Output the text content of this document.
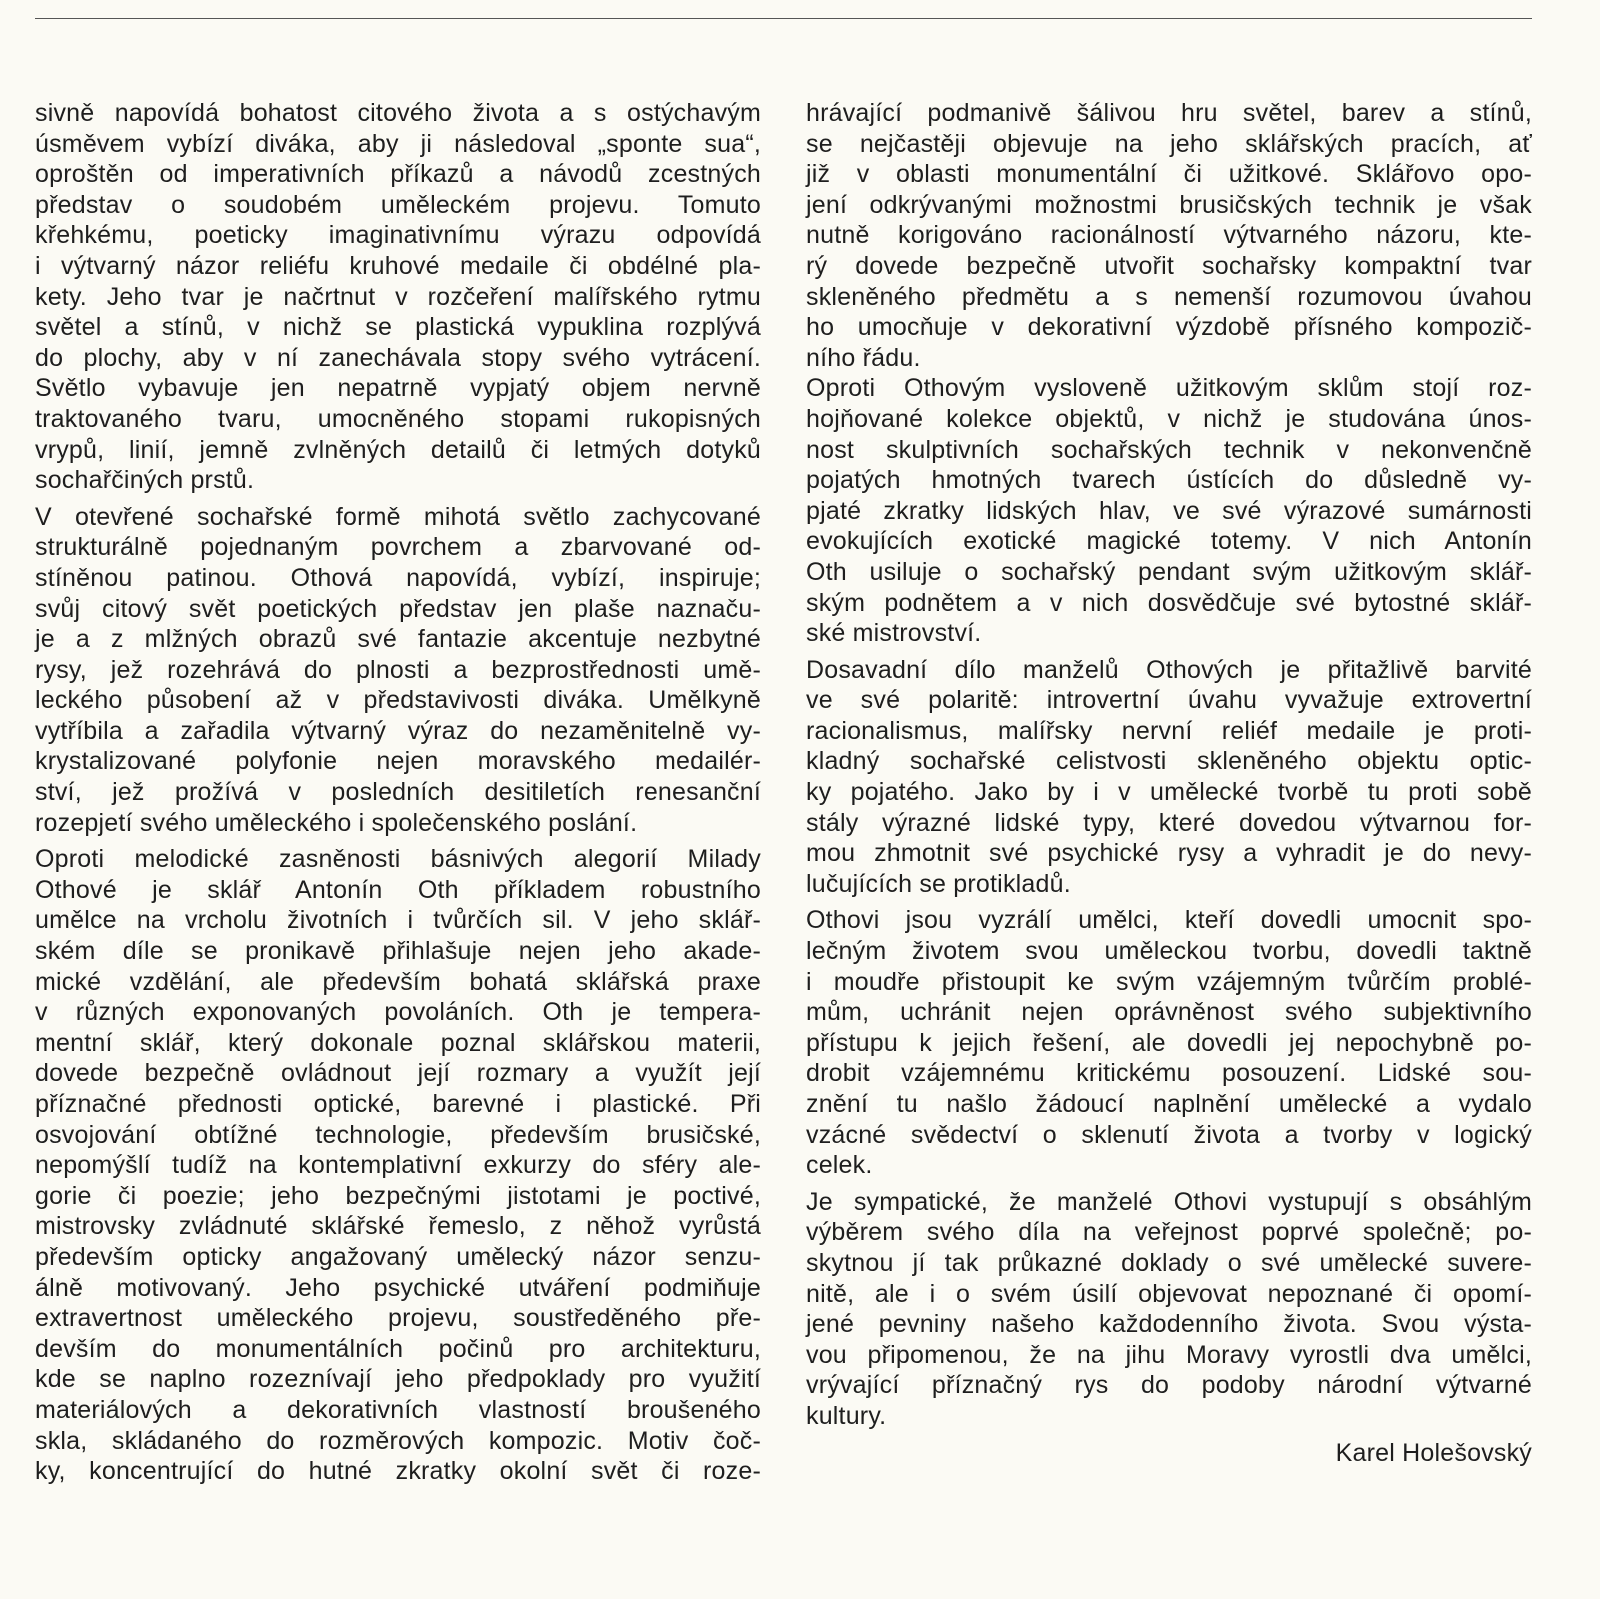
sivně napovídá bohatost citového života a s ostýchavým
úsměvem vybízí diváka, aby ji následoval „sponte sua“,
oproštěn od imperativních příkazů a návodů zcestných
představ o soudobém uměleckém projevu. Tomuto
křehkému, poeticky imaginativnímu výrazu odpovídá
i výtvarný názor reliéfu kruhové medaile či obdélné pla-
kety. Jeho tvar je načrtnut v rozčeření malířského rytmu
světel a stínů, v nichž se plastická vypuklina rozplývá
do plochy, aby v ní zanechávala stopy svého vytrácení.
Světlo vybavuje jen nepatrně vypjatý objem nervně
traktovaného tvaru, umocněného stopami rukopisných
vrypů, linií, jemně zvlněných detailů či letmých dotyků
sochařčiných prstů.
V otevřené sochařské formě mihotá světlo zachycované
strukturálně pojednaným povrchem a zbarvované od-
stíněnou patinou. Othová napovídá, vybízí, inspiruje;
svůj citový svět poetických představ jen plaše naznaču-
je a z mlžných obrazů své fantazie akcentuje nezbytné
rysy, jež rozehrává do plnosti a bezprostřednosti umě-
leckého působení až v představivosti diváka. Umělkyně
vytříbila a zařadila výtvarný výraz do nezaměnitelně vy-
krystalizované polyfonie nejen moravského medailér-
ství, jež prožívá v posledních desitiletích renesanční
rozepjetí svého uměleckého i společenského poslání.
Oproti melodické zasněnosti básnivých alegorií Milady
Othové je sklář Antonín Oth příkladem robustního
umělce na vrcholu životních i tvůrčích sil. V jeho sklář-
ském díle se pronikavě přihlašuje nejen jeho akade-
mické vzdělání, ale především bohatá sklářská praxe
v různých exponovaných povoláních. Oth je tempera-
mentní sklář, který dokonale poznal sklářskou materii,
dovede bezpečně ovládnout její rozmary a využít její
příznačné přednosti optické, barevné i plastické. Při
osvojování obtížné technologie, především brusičské,
nepomýšlí tudíž na kontemplativní exkurzy do sféry ale-
gorie či poezie; jeho bezpečnými jistotami je poctivé,
mistrovsky zvládnuté sklářské řemeslo, z něhož vyrůstá
především opticky angažovaný umělecký názor senzu-
álně motivovaný. Jeho psychické utváření podmiňuje
extravertnost uměleckého projevu, soustředěného pře-
devším do monumentálních počinů pro architekturu,
kde se naplno rozeznívají jeho předpoklady pro využití
materiálových a dekorativních vlastností broušeného
skla, skládaného do rozměrových kompozic. Motiv čoč-
ky, koncentrující do hutné zkratky okolní svět či roze-
hrávající podmanivě šálivou hru světel, barev a stínů,
se nejčastěji objevuje na jeho sklářských pracích, ať
již v oblasti monumentální či užitkové. Sklářovo opo-
jení odkrývanými možnostmi brusičských technik je však
nutně korigováno racionálností výtvarného názoru, kte-
rý dovede bezpečně utvořit sochařsky kompaktní tvar
skleněného předmětu a s nemenší rozumovou úvahou
ho umocňuje v dekorativní výzdobě přísného kompozič-
ního řádu.
Oproti Othovým vysloveně užitkovým sklům stojí roz-
hojňované kolekce objektů, v nichž je studována únos-
nost skulptivních sochařských technik v nekonvenčně
pojatých hmotných tvarech ústících do důsledně vy-
pjaté zkratky lidských hlav, ve své výrazové sumárnosti
evokujících exotické magické totemy. V nich Antonín
Oth usiluje o sochařský pendant svým užitkovým sklář-
ským podnětem a v nich dosvědčuje své bytostné sklář-
ské mistrovství.
Dosavadní dílo manželů Othových je přitažlivě barvité
ve své polaritě: introvertní úvahu vyvažuje extrovertní
racionalismus, malířsky nervní reliéf medaile je proti-
kladný sochařské celistvosti skleněného objektu optic-
ky pojatého. Jako by i v umělecké tvorbě tu proti sobě
stály výrazné lidské typy, které dovedou výtvarnou for-
mou zhmotnit své psychické rysy a vyhradit je do nevy-
lučujících se protikladů.
Othovi jsou vyzrálí umělci, kteří dovedli umocnit spo-
lečným životem svou uměleckou tvorbu, dovedli taktně
i moudře přistoupit ke svým vzájemným tvůrčím problé-
mům, uchránit nejen oprávněnost svého subjektivního
přístupu k jejich řešení, ale dovedli jej nepochybně po-
drobit vzájemnému kritickému posouzení. Lidské sou-
znění tu našlo žádoucí naplnění umělecké a vydalo
vzácné svědectví o sklenutí života a tvorby v logický
celek.
Je sympatické, že manželé Othovi vystupují s obsáhlým
výběrem svého díla na veřejnost poprvé společně; po-
skytnou jí tak průkazné doklady o své umělecké suvere-
nitě, ale i o svém úsilí objevovat nepoznané či opomí-
jené pevniny našeho každodenního života. Svou výsta-
vou připomenou, že na jihu Moravy vyrostli dva umělci,
vrývající příznačný rys do podoby národní výtvarné
kultury.
Karel Holešovský
